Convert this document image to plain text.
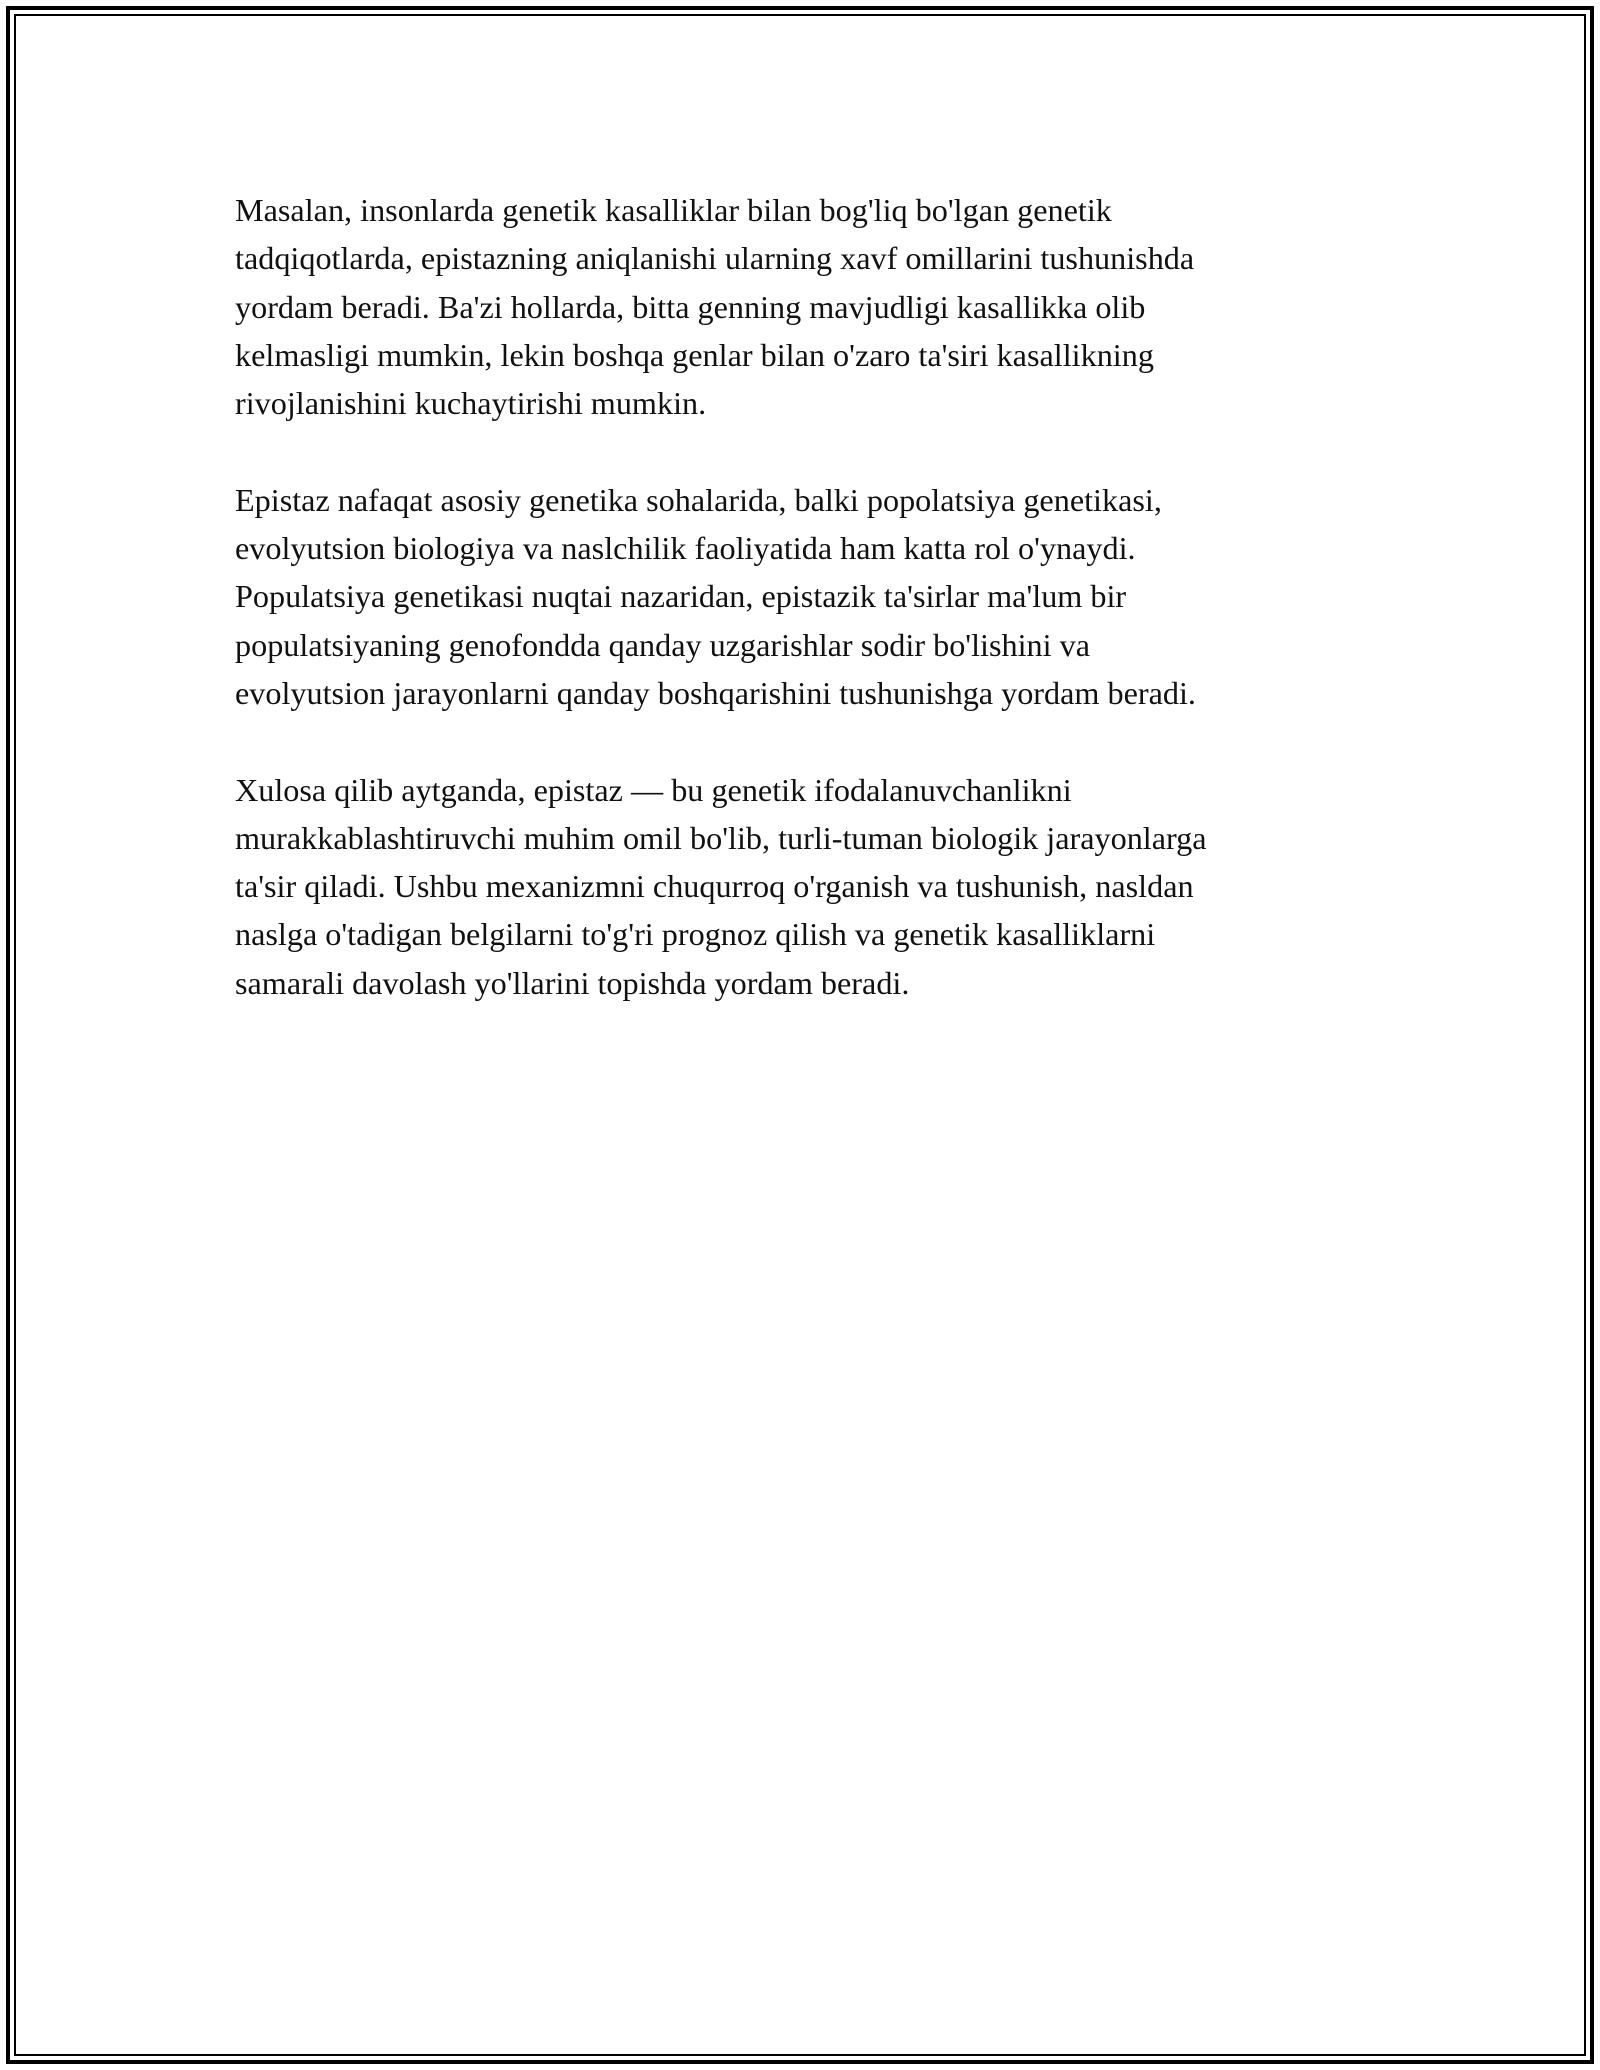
Masalan, insonlarda genetik kasalliklar bilan bog'liq bo'lgan genetik
tadqiqotlarda, epistazning aniqlanishi ularning xavf omillarini tushunishda
yordam beradi. Ba'zi hollarda, bitta genning mavjudligi kasallikka olib
kelmasligi mumkin, lekin boshqa genlar bilan o'zaro ta'siri kasallikning
rivojlanishini kuchaytirishi mumkin.

Epistaz nafaqat asosiy genetika sohalarida, balki popolatsiya genetikasi,
evolyutsion biologiya va naslchilik faoliyatida ham katta rol o'ynaydi.
Populatsiya genetikasi nuqtai nazaridan, epistazik ta'sirlar ma'lum bir
populatsiyaning genofondda qanday uzgarishlar sodir bo'lishini va
evolyutsion jarayonlarni qanday boshqarishini tushunishga yordam beradi.

Xulosa qilib aytganda, epistaz — bu genetik ifodalanuvchanlikni
murakkablashtiruvchi muhim omil bo'lib, turli-tuman biologik jarayonlarga
ta'sir qiladi. Ushbu mexanizmni chuqurroq o'rganish va tushunish, nasldan
naslga o'tadigan belgilarni to'g'ri prognoz qilish va genetik kasalliklarni
samarali davolash yo'llarini topishda yordam beradi.
